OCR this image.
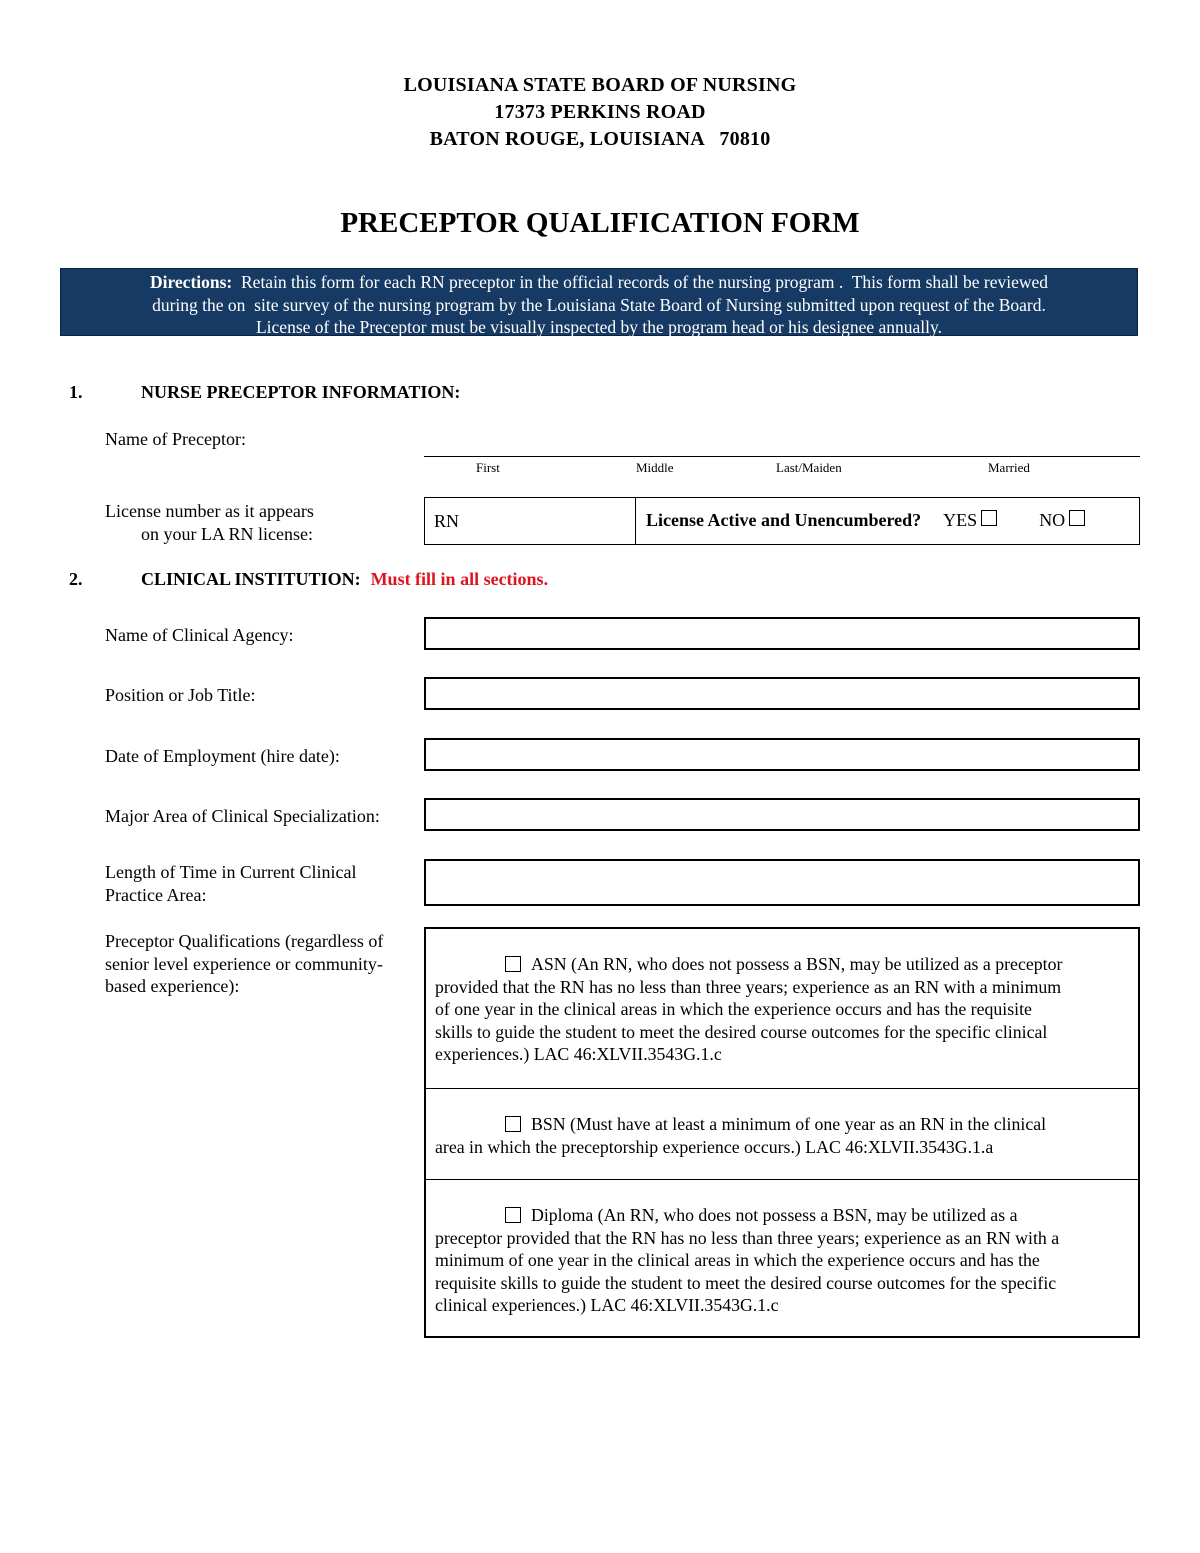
LOUISIANA STATE BOARD OF NURSING
17373 PERKINS ROAD
BATON ROUGE, LOUISIANA   70810
PRECEPTOR QUALIFICATION FORM
Directions: Retain this form for each RN preceptor in the official records of the nursing program .  This form shall be reviewed
during the on  site survey of the nursing program by the Louisiana State Board of Nursing submitted upon request of the Board.
License of the Preceptor must be visually inspected by the program head or his designee annually.
1.	NURSE PRECEPTOR INFORMATION:
Name of Preceptor:
First	Middle	Last/Maiden	Married
License number as it appears
on your LA RN license:
RN	License Active and Unencumbered? YES	NO
2.	CLINICAL INSTITUTION: Must fill in all sections.
Name of Clinical Agency:
Position or Job Title:
Date of Employment (hire date):
Major Area of Clinical Specialization:
Length of Time in Current Clinical
Practice Area:
Preceptor Qualifications (regardless of
senior level experience or community-
based experience):
ASN (An RN, who does not possess a BSN, may be utilized as a preceptor
provided that the RN has no less than three years; experience as an RN with a minimum
of one year in the clinical areas in which the experience occurs and has the requisite
skills to guide the student to meet the desired course outcomes for the specific clinical
experiences.) LAC 46:XLVII.3543G.1.c
BSN (Must have at least a minimum of one year as an RN in the clinical
area in which the preceptorship experience occurs.) LAC 46:XLVII.3543G.1.a
Diploma (An RN, who does not possess a BSN, may be utilized as a
preceptor provided that the RN has no less than three years; experience as an RN with a
minimum of one year in the clinical areas in which the experience occurs and has the
requisite skills to guide the student to meet the desired course outcomes for the specific
clinical experiences.) LAC 46:XLVII.3543G.1.c
